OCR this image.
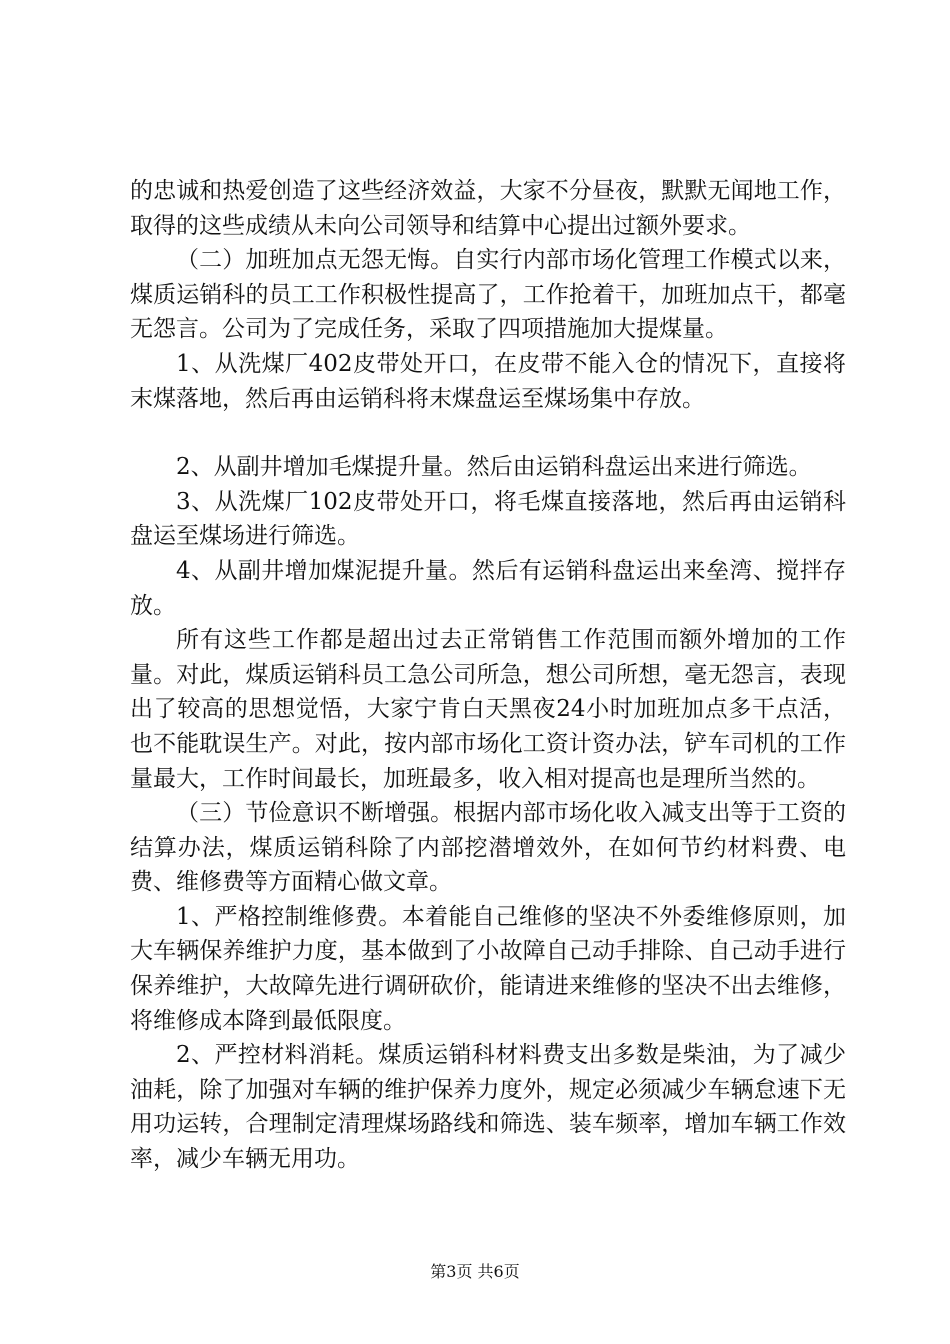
的忠诚和热爱创造了这些经济效益，大家不分昼夜，默默无闻地工作，取得的这些成绩从未向公司领导和结算中心提出过额外要求。

（二）加班加点无怨无悔。自实行内部市场化管理工作模式以来，煤质运销科的员工工作积极性提高了，工作抢着干，加班加点干，都毫无怨言。公司为了完成任务，采取了四项措施加大提煤量。

1、从洗煤厂402皮带处开口，在皮带不能入仓的情况下，直接将末煤落地，然后再由运销科将末煤盘运至煤场集中存放。

2、从副井增加毛煤提升量。然后由运销科盘运出来进行筛选。

3、从洗煤厂102皮带处开口，将毛煤直接落地，然后再由运销科盘运至煤场进行筛选。

4、从副井增加煤泥提升量。然后有运销科盘运出来垒湾、搅拌存放。

所有这些工作都是超出过去正常销售工作范围而额外增加的工作量。对此，煤质运销科员工急公司所急，想公司所想，毫无怨言，表现出了较高的思想觉悟，大家宁肯白天黑夜24小时加班加点多干点活，也不能耽误生产。对此，按内部市场化工资计资办法，铲车司机的工作量最大，工作时间最长，加班最多，收入相对提高也是理所当然的。

（三）节俭意识不断增强。根据内部市场化收入减支出等于工资的结算办法，煤质运销科除了内部挖潜增效外，在如何节约材料费、电费、维修费等方面精心做文章。

1、严格控制维修费。本着能自己维修的坚决不外委维修原则，加大车辆保养维护力度，基本做到了小故障自己动手排除、自己动手进行保养维护，大故障先进行调研砍价，能请进来维修的坚决不出去维修，将维修成本降到最低限度。

2、严控材料消耗。煤质运销科材料费支出多数是柴油，为了减少油耗，除了加强对车辆的维护保养力度外，规定必须减少车辆怠速下无用功运转，合理制定清理煤场路线和筛选、装车频率，增加车辆工作效率，减少车辆无用功。

第3页 共6页
